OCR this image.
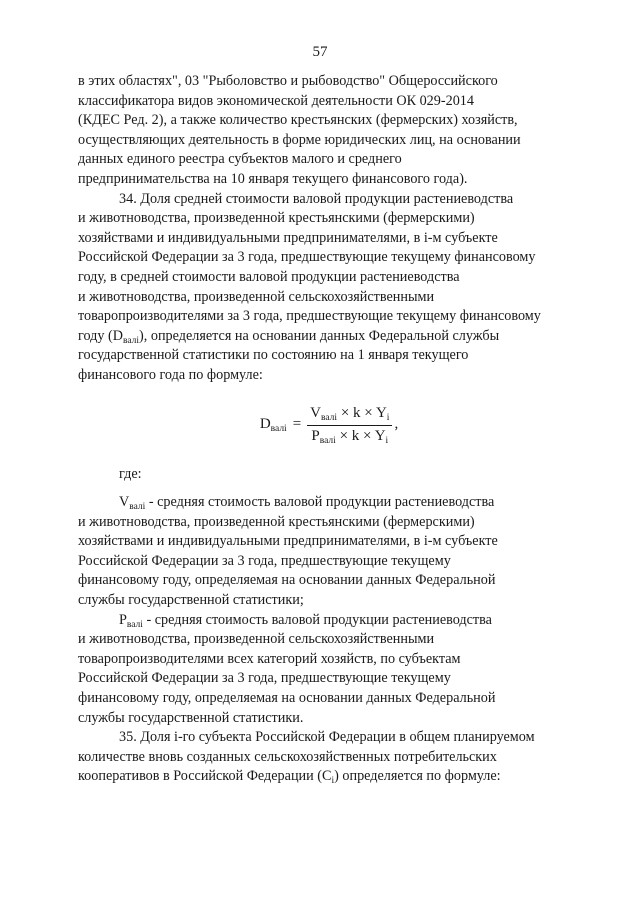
57

в этих областях", 03 "Рыболовство и рыбоводство" Общероссийского

классификатора видов экономической деятельности ОК 029-2014

(КДЕС Ред. 2), а также количество крестьянских (фермерских) хозяйств,

осуществляющих деятельность в форме юридических лиц, на основании

данных единого реестра субъектов малого и среднего

предпринимательства на 10 января текущего финансового года).

34. Доля средней стоимости валовой продукции растениеводства

и животноводства, произведенной крестьянскими (фермерскими)

хозяйствами и индивидуальными предпринимателями, в i-м субъекте

Российской Федерации за 3 года, предшествующие текущему финансовому

году, в средней стоимости валовой продукции растениеводства

и животноводства, произведенной сельскохозяйственными

товаропроизводителями за 3 года, предшествующие текущему финансовому

году $(D_{валi})$, определяется на основании данных Федеральной службы

государственной статистики по состоянию на 1 января текущего

финансового года по формуле:

$D_{валi} = \frac{V_{валi} \times k \times Y_i}{P_{валi} \times k \times Y_i}$ ,

где:

$V_{валi}$ - средняя стоимость валовой продукции растениеводства

и животноводства, произведенной крестьянскими (фермерскими)

хозяйствами и индивидуальными предпринимателями, в i-м субъекте

Российской Федерации за 3 года, предшествующие текущему

финансовому году, определяемая на основании данных Федеральной

службы государственной статистики;

$P_{валi}$ - средняя стоимость валовой продукции растениеводства

и животноводства, произведенной сельскохозяйственными

товаропроизводителями всех категорий хозяйств, по субъектам

Российской Федерации за 3 года, предшествующие текущему

финансовому году, определяемая на основании данных Федеральной

службы государственной статистики.

35. Доля i-го субъекта Российской Федерации в общем планируемом

количестве вновь созданных сельскохозяйственных потребительских

кооперативов в Российской Федерации $(C_i)$ определяется по формуле:
